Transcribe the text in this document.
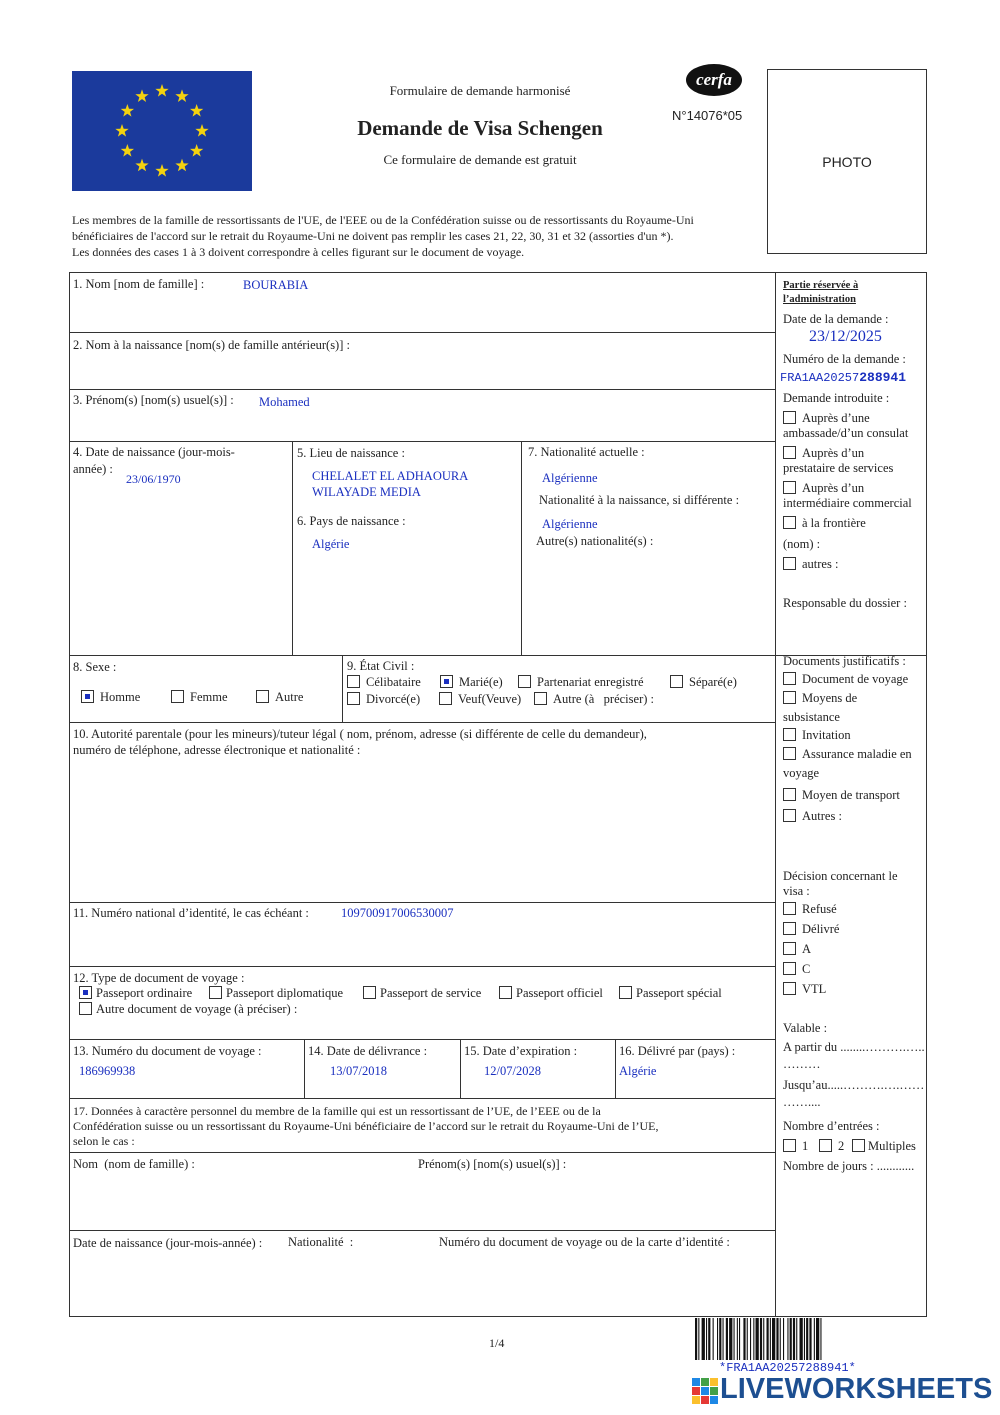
Formulaire de demande harmonisé
Demande de Visa Schengen
Ce formulaire de demande est gratuit
cerfa
N°14076*05
PHOTO
Les membres de la famille de ressortissants de l'UE, de l'EEE ou de la Confédération suisse ou de ressortissants du Royaume-Uni
bénéficiaires de l'accord sur le retrait du Royaume-Uni ne doivent pas remplir les cases 21, 22, 30, 31 et 32 (assorties d'un *).
Les données des cases 1 à 3 doivent correspondre à celles figurant sur le document de voyage.
1. Nom [nom de famille] :	BOURABIA
2. Nom à la naissance [nom(s) de famille antérieur(s)] :
3. Prénom(s) [nom(s) usuel(s)] : Mohamed
4. Date de naissance (jour-mois-
année) :
23/06/1970
5. Lieu de naissance :
CHELALET EL ADHAOURA
WILAYADE MEDIA
6. Pays de naissance :
Algérie
7. Nationalité actuelle :
Algérienne
Nationalité à la naissance, si différente :
Algérienne
Autre(s) nationalité(s) :
8. Sexe :
Homme	Femme	Autre
9. État Civil :
Célibataire	Marié(e)	Partenariat enregistré	Séparé(e)
Divorcé(e)	Veuf(Veuve)	Autre (à   préciser) :
10. Autorité parentale (pour les mineurs)/tuteur légal ( nom, prénom, adresse (si différente de celle du demandeur),
numéro de téléphone, adresse électronique et nationalité :
11. Numéro national d’identité, le cas échéant :	109700917006530007
12. Type de document de voyage :
Passeport ordinaire	Passeport diplomatique	Passeport de service	Passeport officiel	Passeport spécial
Autre document de voyage (à préciser) :
13. Numéro du document de voyage :
186969938
14. Date de délivrance :
13/07/2018
15. Date d’expiration :
12/07/2028
16. Délivré par (pays) :
Algérie
17. Données à caractère personnel du membre de la famille qui est un ressortissant de l’UE, de l’EEE ou de la
Confédération suisse ou un ressortissant du Royaume-Uni bénéficiaire de l’accord sur le retrait du Royaume-Uni de l’UE,
selon le cas :
Nom  (nom de famille) :	Prénom(s) [nom(s) usuel(s)] :
Date de naissance (jour-mois-année) : Nationalité  :	Numéro du document de voyage ou de la carte d’identité :
Partie réservée à
l’administration
Date de la demande :
23/12/2025
Numéro de la demande :
FRA1AA20257288941
Demande introduite :
Auprès d’une
ambassade/d’un consulat
Auprès d’un
prestataire de services
Auprès d’un
intermédiaire commercial
à la frontière
(nom) :
autres :
Responsable du dossier :
Documents justificatifs :
Document de voyage
Moyens de
subsistance
Invitation
Assurance maladie en
voyage
Moyen de transport
Autres :
Décision concernant le
visa :
Refusé
Délivré
A
C
VTL
Valable :
A partir du ........……….…..
………
Jusqu’au.....……….….……
……....
Nombre d’entrées :
1	2	Multiples
Nombre de jours : ............
1/4
*FRA1AA20257288941*
LIVEWORKSHEETS
